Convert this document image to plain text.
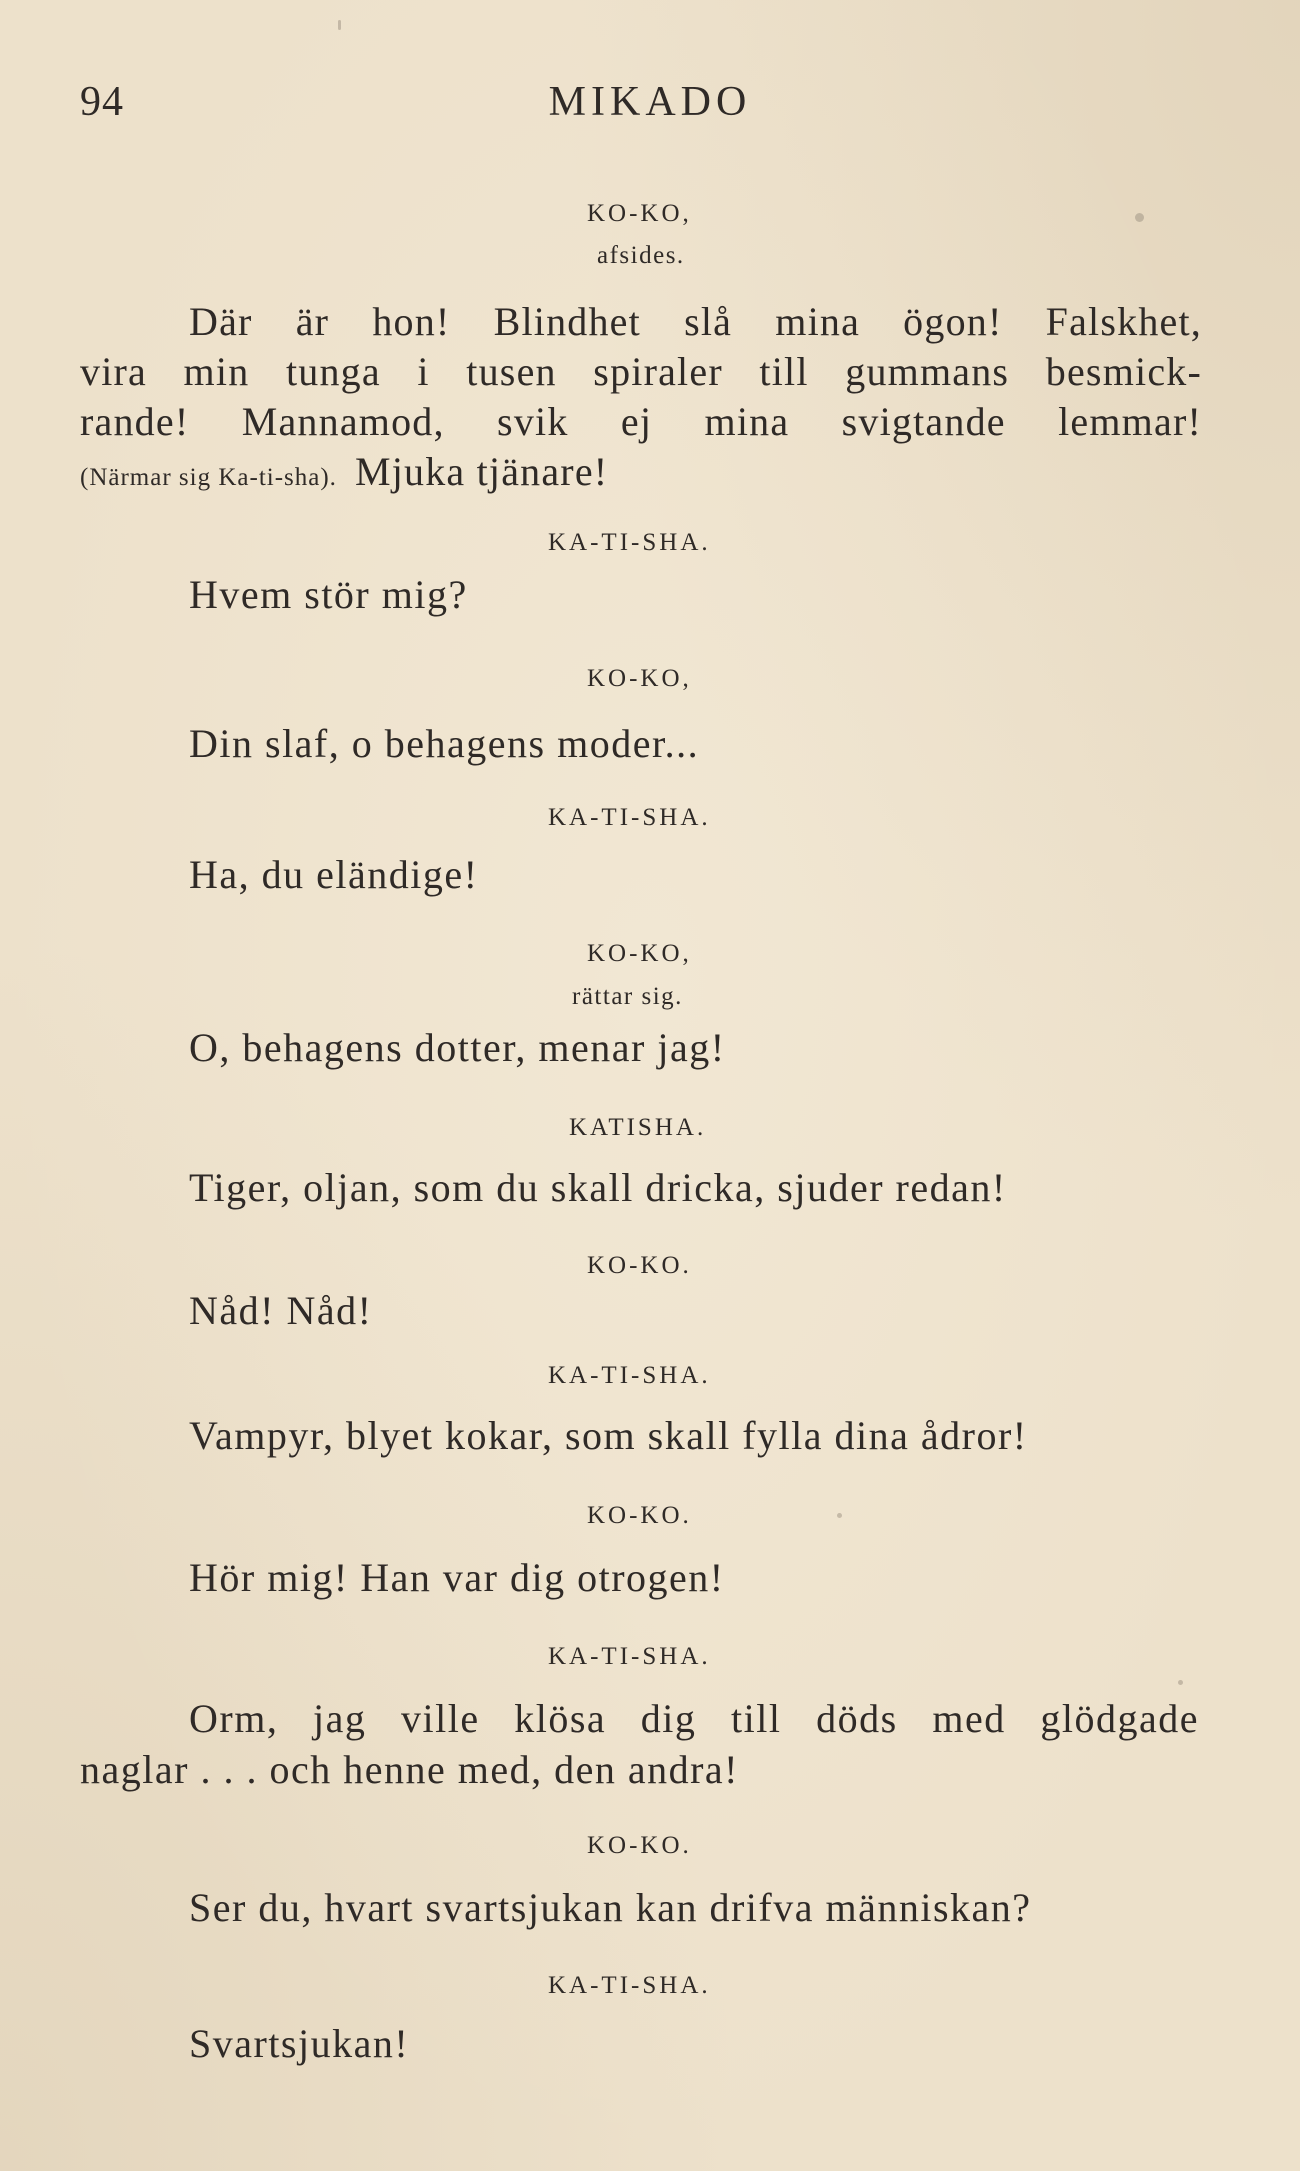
94	MIKADO
KO-KO,
afsides.
Där är hon! Blindhet slå mina ögon! Falskhet,
vira min tunga i tusen spiraler till gummans besmick-
rande! Mannamod, svik ej mina svigtande lemmar!
(Närmar sig Ka-ti-sha). Mjuka tjänare!
KA-TI-SHA.
Hvem stör mig?
KO-KO,
Din slaf, o behagens moder...
KA-TI-SHA.
Ha, du eländige!
KO-KO,
rättar sig.
O, behagens dotter, menar jag!
KATISHA.
Tiger, oljan, som du skall dricka, sjuder redan!
KO-KO.
Nåd! Nåd!
KA-TI-SHA.
Vampyr, blyet kokar, som skall fylla dina ådror!
KO-KO.
Hör mig! Han var dig otrogen!
KA-TI-SHA.
Orm, jag ville klösa dig till döds med glödgade
naglar . . . och henne med, den andra!
KO-KO.
Ser du, hvart svartsjukan kan drifva människan?
KA-TI-SHA.
Svartsjukan!
